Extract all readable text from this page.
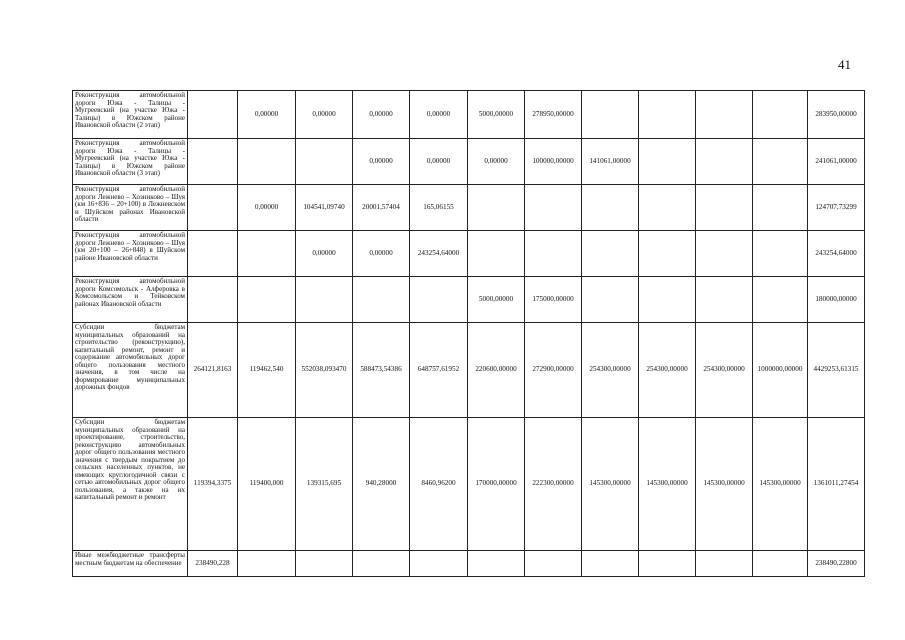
41
Реконструкция автомобильной дороги Южа - Талицы - Мугреевский (на участке Южа - Талицы) в Южском районе Ивановской области (2 этап)		0,00000	0,00000	0,00000	0,00000	5000,00000	278950,00000					283950,00000
Реконструкция автомобильной дороги Южа - Талицы - Мугреевский (на участке Южа - Талицы) в Южском районе Ивановской области (3 этап)				0,00000	0,00000	0,00000	100000,00000	141061,00000				241061,00000
Реконструкция автомобильной дороги Лежнево – Хозниково – Шуя (км 16+836 – 20+100) в Лежневском и Шуйском районах Ивановской области		0,00000	104541,09740	20001,57404	165,06155							124707,73299
Реконструкция автомобильной дороги Лежнево – Хозниково – Шуя (км 20+100 – 26+848) в Шуйском районе Ивановской области			0,00000	0,00000	243254,64000							243254,64000
Реконструкция автомобильной дороги Комсомольск - Алферовка в Комсомольском и Тейковском районах Ивановской области						5000,00000	175000,00000					180000,00000
Субсидии бюджетам муниципальных образований на строительство (реконструкцию), капитальный ремонт, ремонт и содержание автомобильных дорог общего пользования местного значения, в том числе на формирование муниципальных дорожных фондов	264121,8163	119462,540	552038,093470	588473,54386	648757,61952	220600,00000	272900,00000	254300,00000	254300,00000	254300,00000	1000000,00000	4429253,61315
Субсидии бюджетам муниципальных образований на проектирование, строительство, реконструкцию автомобильных дорог общего пользования местного значения с твердым покрытием до сельских населенных пунктов, не имеющих круглогодичной связи с сетью автомобильных дорог общего пользования, а также на их капитальный ремонт и ремонт	119394,3375	119400,000	139315,695	940,28000	8460,96200	170000,00000	222300,00000	145300,00000	145300,00000	145300,00000	145300,00000	1361011,27454
Иные межбюджетные трансферты местным бюджетам на обеспечение	238490,228											238490,22800
